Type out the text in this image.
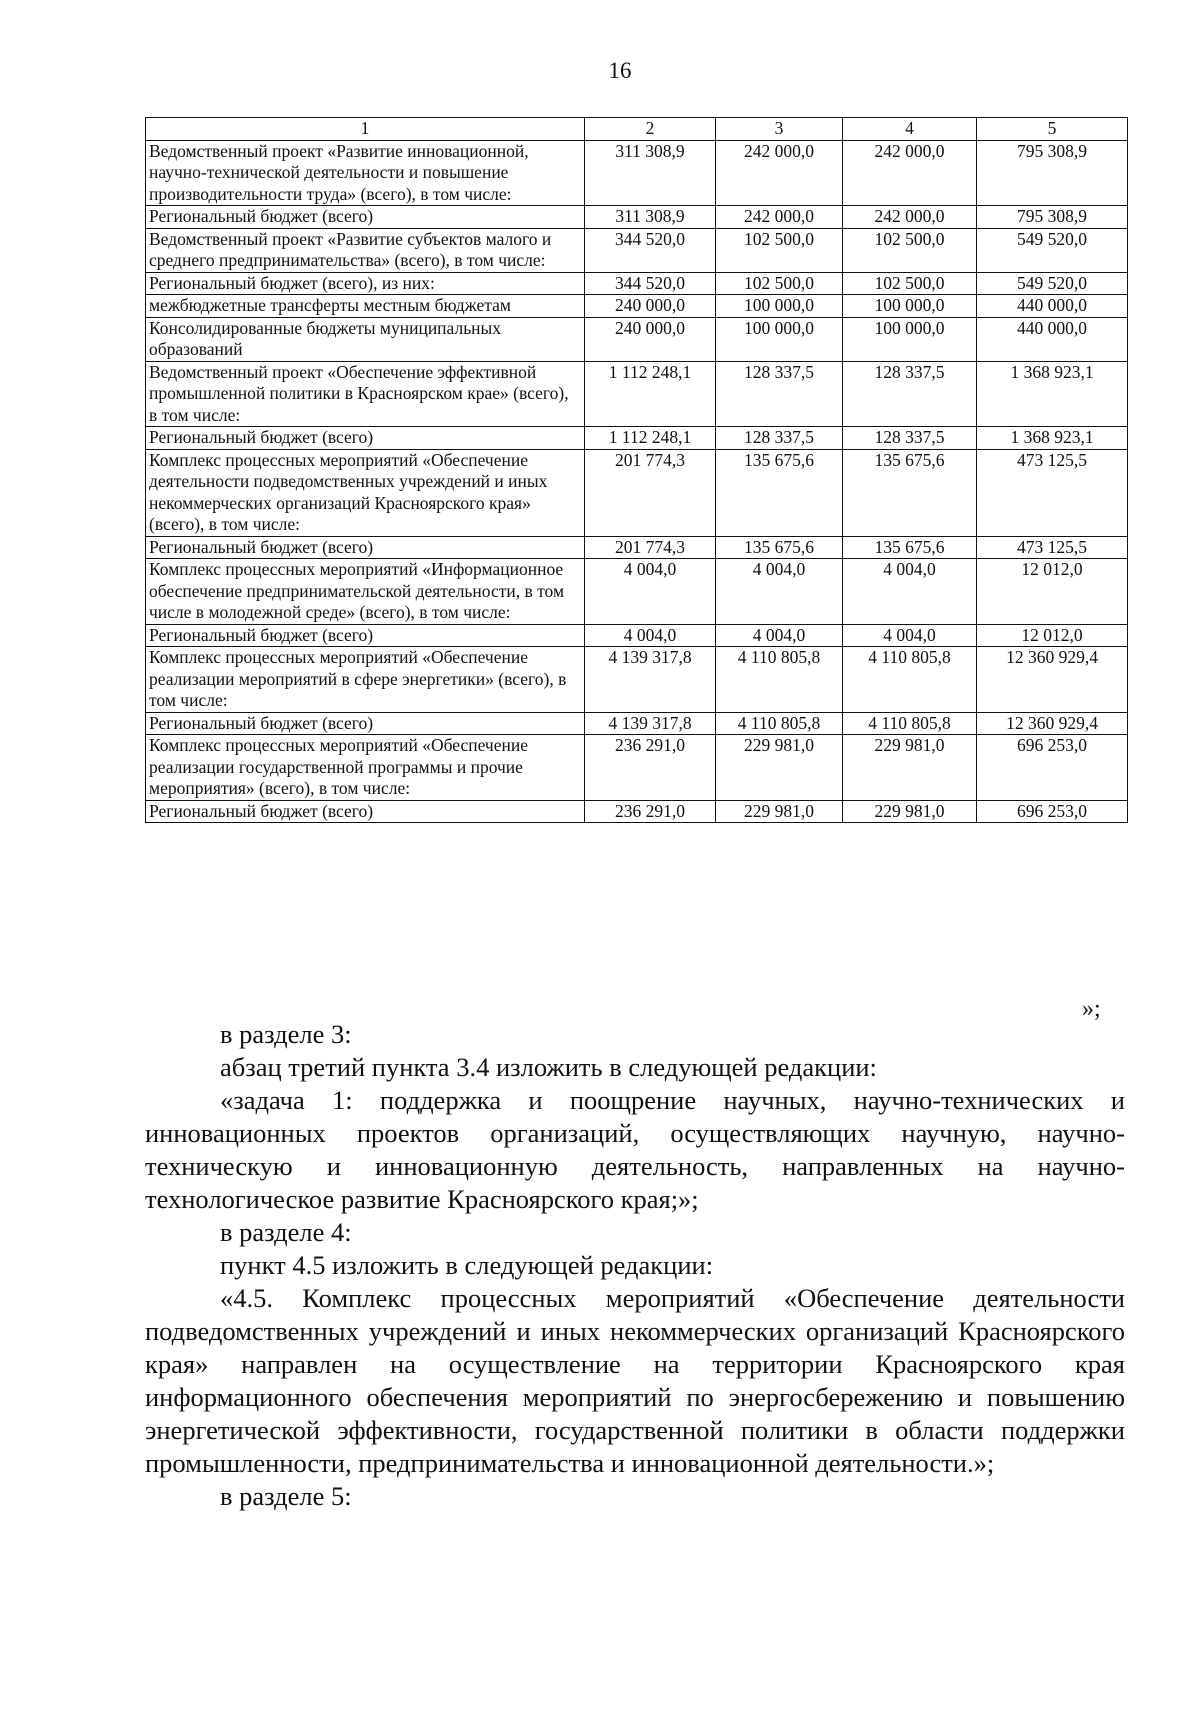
16
1	2	3	4	5
Ведомственный проект «Развитие инновационной, научно-технической деятельности и повышение производительности труда» (всего), в том числе:	311 308,9	242 000,0	242 000,0	795 308,9
Региональный бюджет (всего)	311 308,9	242 000,0	242 000,0	795 308,9
Ведомственный проект «Развитие субъектов малого и среднего предпринимательства» (всего), в том числе:	344 520,0	102 500,0	102 500,0	549 520,0
Региональный бюджет (всего), из них:	344 520,0	102 500,0	102 500,0	549 520,0
межбюджетные трансферты местным бюджетам	240 000,0	100 000,0	100 000,0	440 000,0
Консолидированные бюджеты муниципальных образований	240 000,0	100 000,0	100 000,0	440 000,0
Ведомственный проект «Обеспечение эффективной промышленной политики в Красноярском крае» (всего), в том числе:	1 112 248,1	128 337,5	128 337,5	1 368 923,1
Региональный бюджет (всего)	1 112 248,1	128 337,5	128 337,5	1 368 923,1
Комплекс процессных мероприятий «Обеспечение деятельности подведомственных учреждений и иных некоммерческих организаций Красноярского края» (всего), в том числе:	201 774,3	135 675,6	135 675,6	473 125,5
Региональный бюджет (всего)	201 774,3	135 675,6	135 675,6	473 125,5
Комплекс процессных мероприятий «Информационное обеспечение предпринимательской деятельности, в том числе в молодежной среде» (всего), в том числе:	4 004,0	4 004,0	4 004,0	12 012,0
Региональный бюджет (всего)	4 004,0	4 004,0	4 004,0	12 012,0
Комплекс процессных мероприятий «Обеспечение реализации мероприятий в сфере энергетики» (всего), в том числе:	4 139 317,8	4 110 805,8	4 110 805,8	12 360 929,4
Региональный бюджет (всего)	4 139 317,8	4 110 805,8	4 110 805,8	12 360 929,4
Комплекс процессных мероприятий «Обеспечение реализации государственной программы и прочие мероприятия» (всего), в том числе:	236 291,0	229 981,0	229 981,0	696 253,0
Региональный бюджет (всего)	236 291,0	229 981,0	229 981,0	696 253,0
»;

в разделе 3:

абзац третий пункта 3.4 изложить в следующей редакции:

«задача 1: поддержка и поощрение научных, научно-технических и инновационных проектов организаций, осуществляющих научную, научно-техническую и инновационную деятельность, направленных на научно-технологическое развитие Красноярского края;»;

в разделе 4:

пункт 4.5 изложить в следующей редакции:

«4.5. Комплекс процессных мероприятий «Обеспечение деятельности подведомственных учреждений и иных некоммерческих организаций Красноярского края» направлен на осуществление на территории Красноярского края информационного обеспечения мероприятий по энергосбережению и повышению энергетической эффективности, государственной политики в области поддержки промышленности, предпринимательства и инновационной деятельности.»;

в разделе 5:
